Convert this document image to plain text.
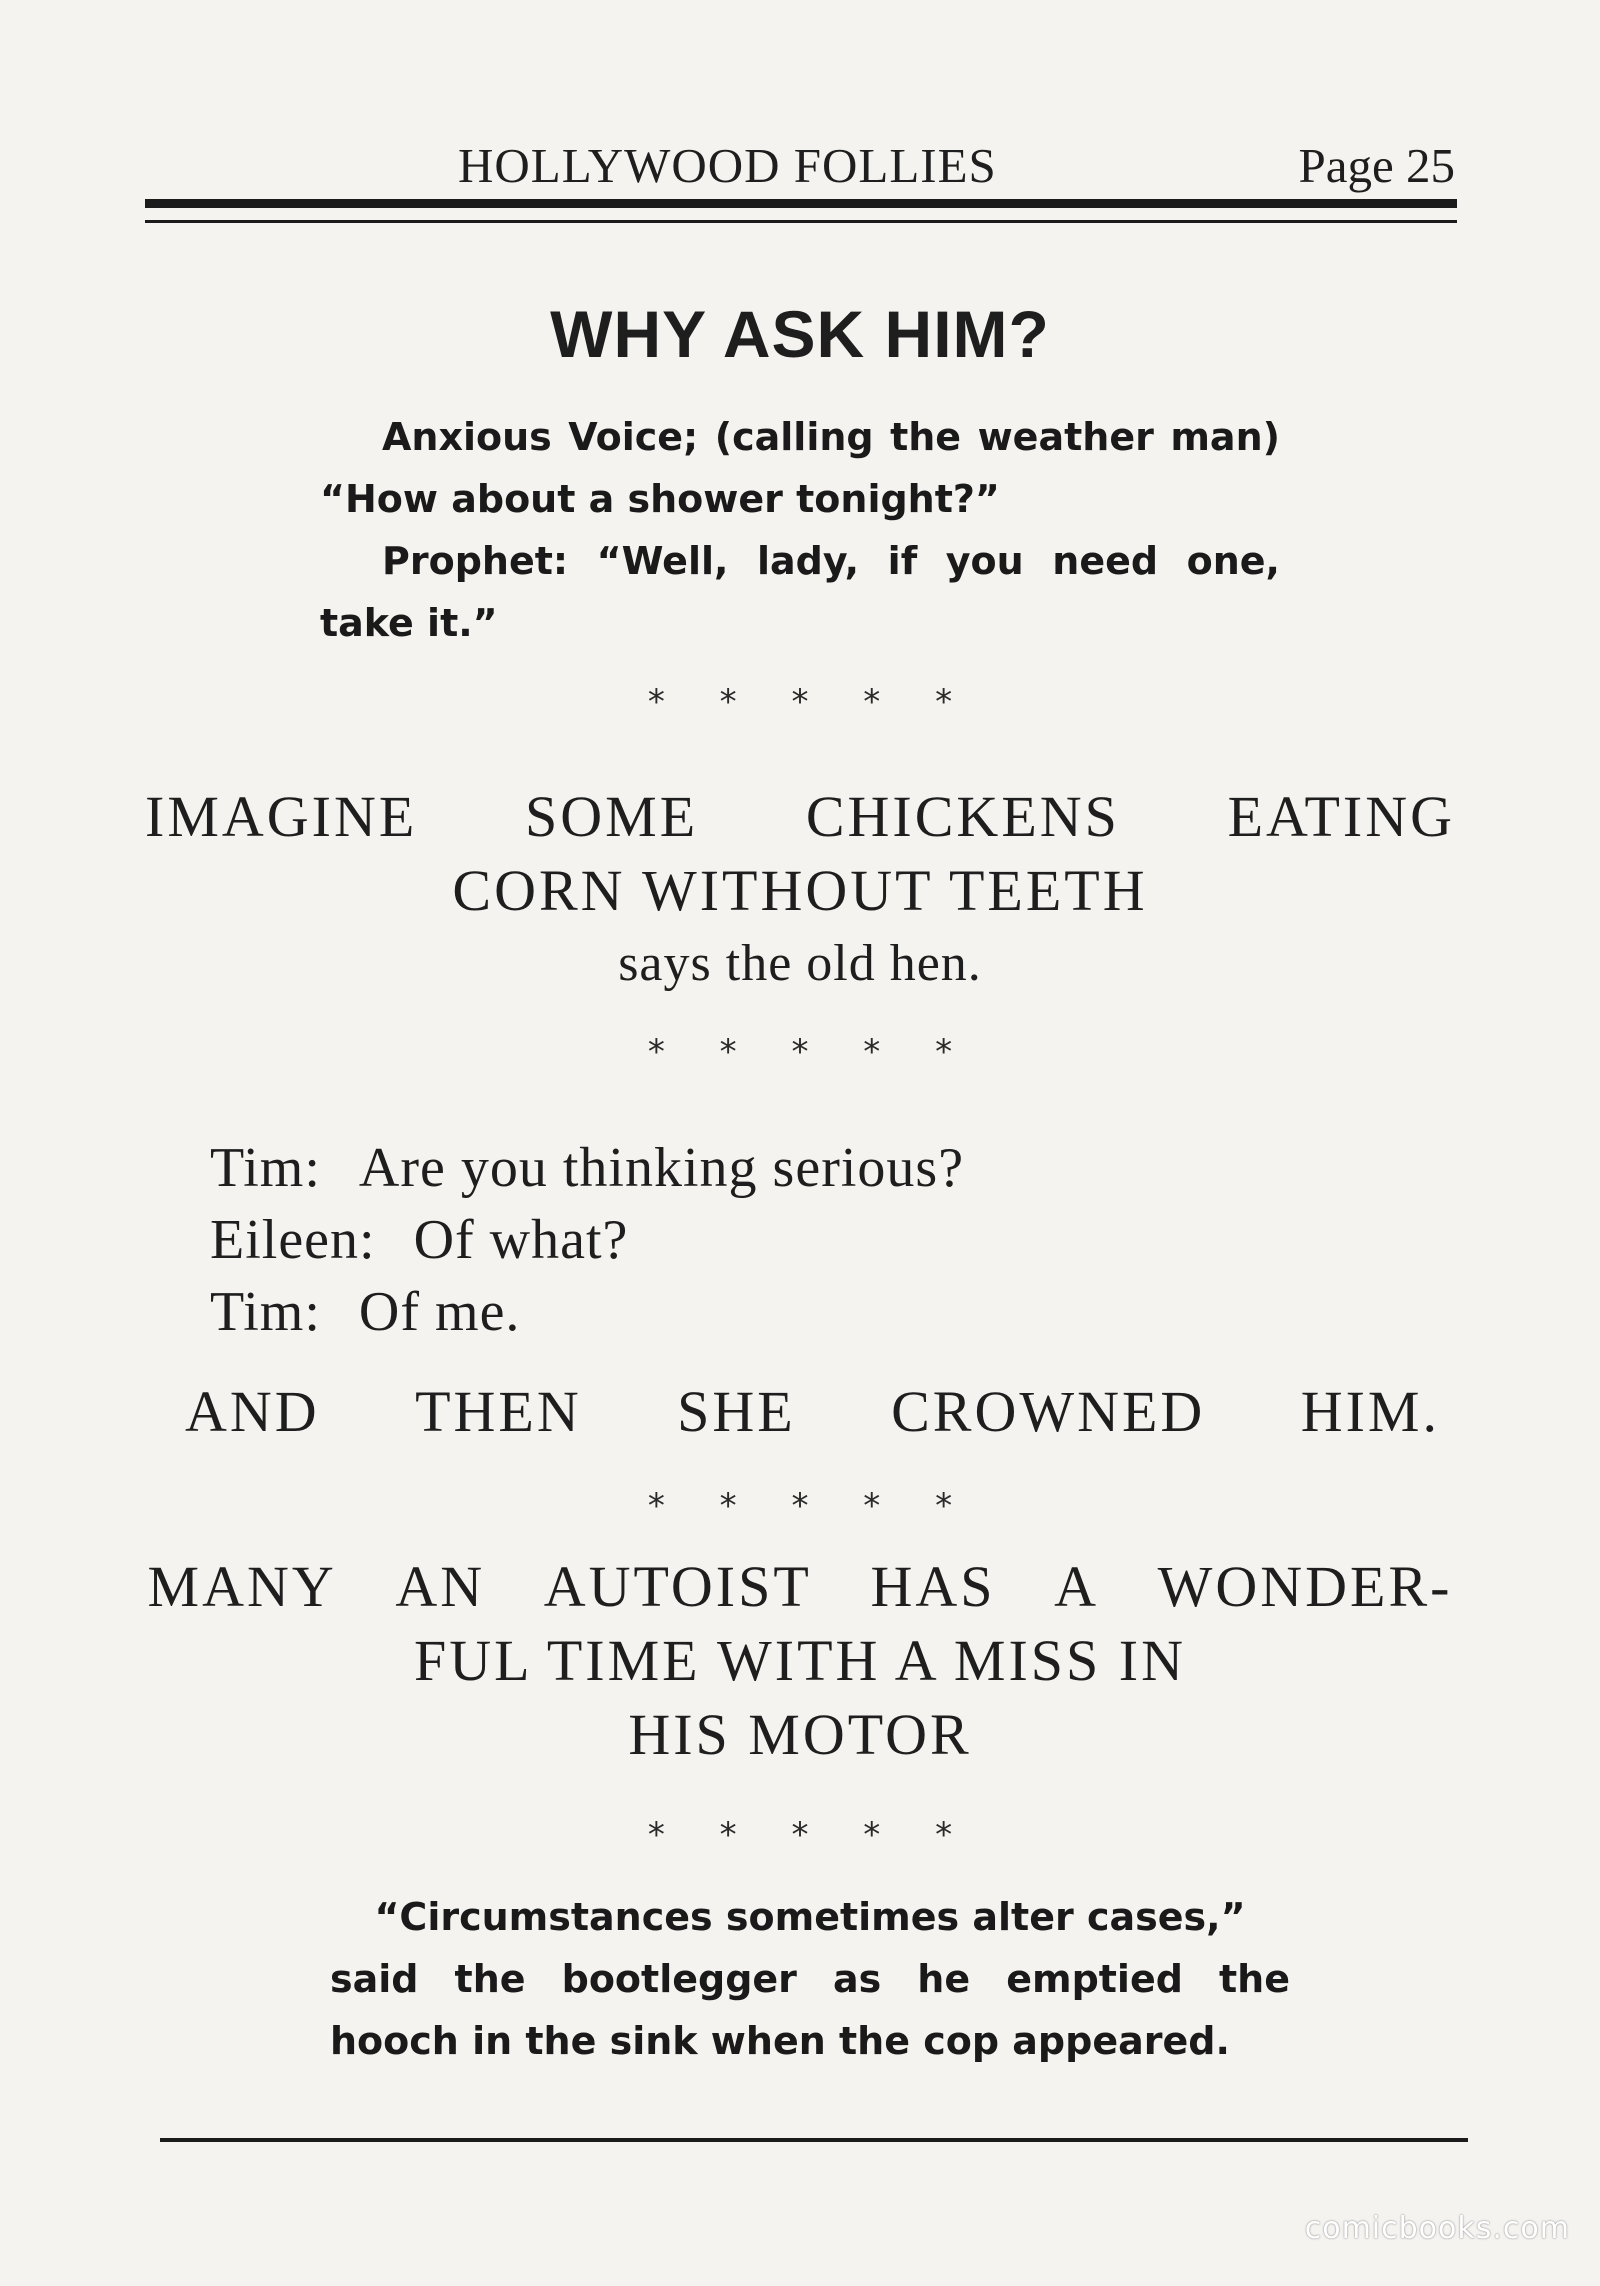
HOLLYWOOD FOLLIES	Page 25
WHY ASK HIM?
Anxious Voice; (calling the weather man) “How about a shower tonight?”
Prophet: “Well, lady, if you need one, take it.”
* * * * *
IMAGINE SOME CHICKENS EATING
CORN WITHOUT TEETH
says the old hen.
* * * * *
Tim: Are you thinking serious?
Eileen: Of what?
Tim: Of me.
AND THEN SHE CROWNED HIM.
* * * * *
MANY AN AUTOIST HAS A WONDER-
FUL TIME WITH A MISS IN
HIS MOTOR
* * * * *
“Circumstances sometimes alter cases,”
said the bootlegger as he emptied the hooch in the sink when the cop appeared.
comicbooks.com
